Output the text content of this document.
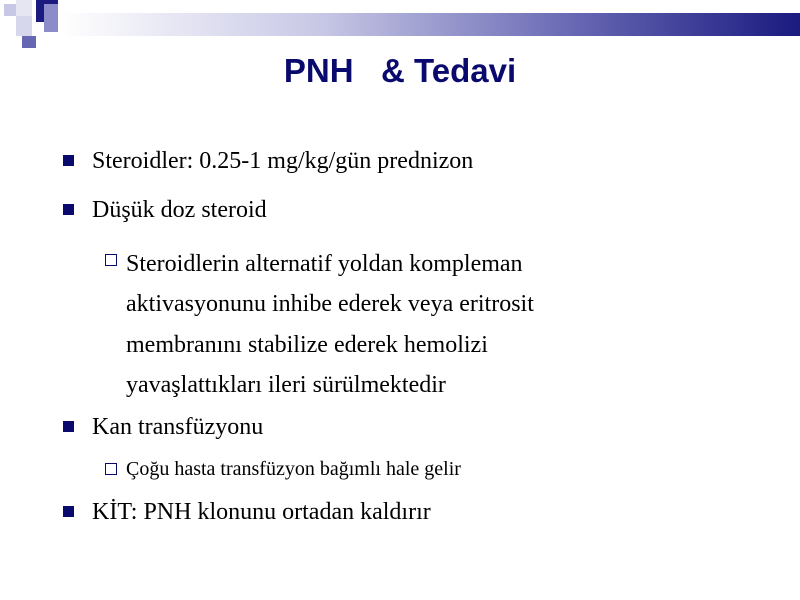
PNH   & Tedavi
Steroidler: 0.25-1 mg/kg/gün prednizon
Düşük doz steroid
Steroidlerin alternatif yoldan kompleman
aktivasyonunu inhibe ederek veya eritrosit
membranını stabilize ederek hemolizi
yavaşlattıkları ileri sürülmektedir
Kan transfüzyonu
Çoğu hasta transfüzyon bağımlı hale gelir
KİT: PNH klonunu ortadan kaldırır
